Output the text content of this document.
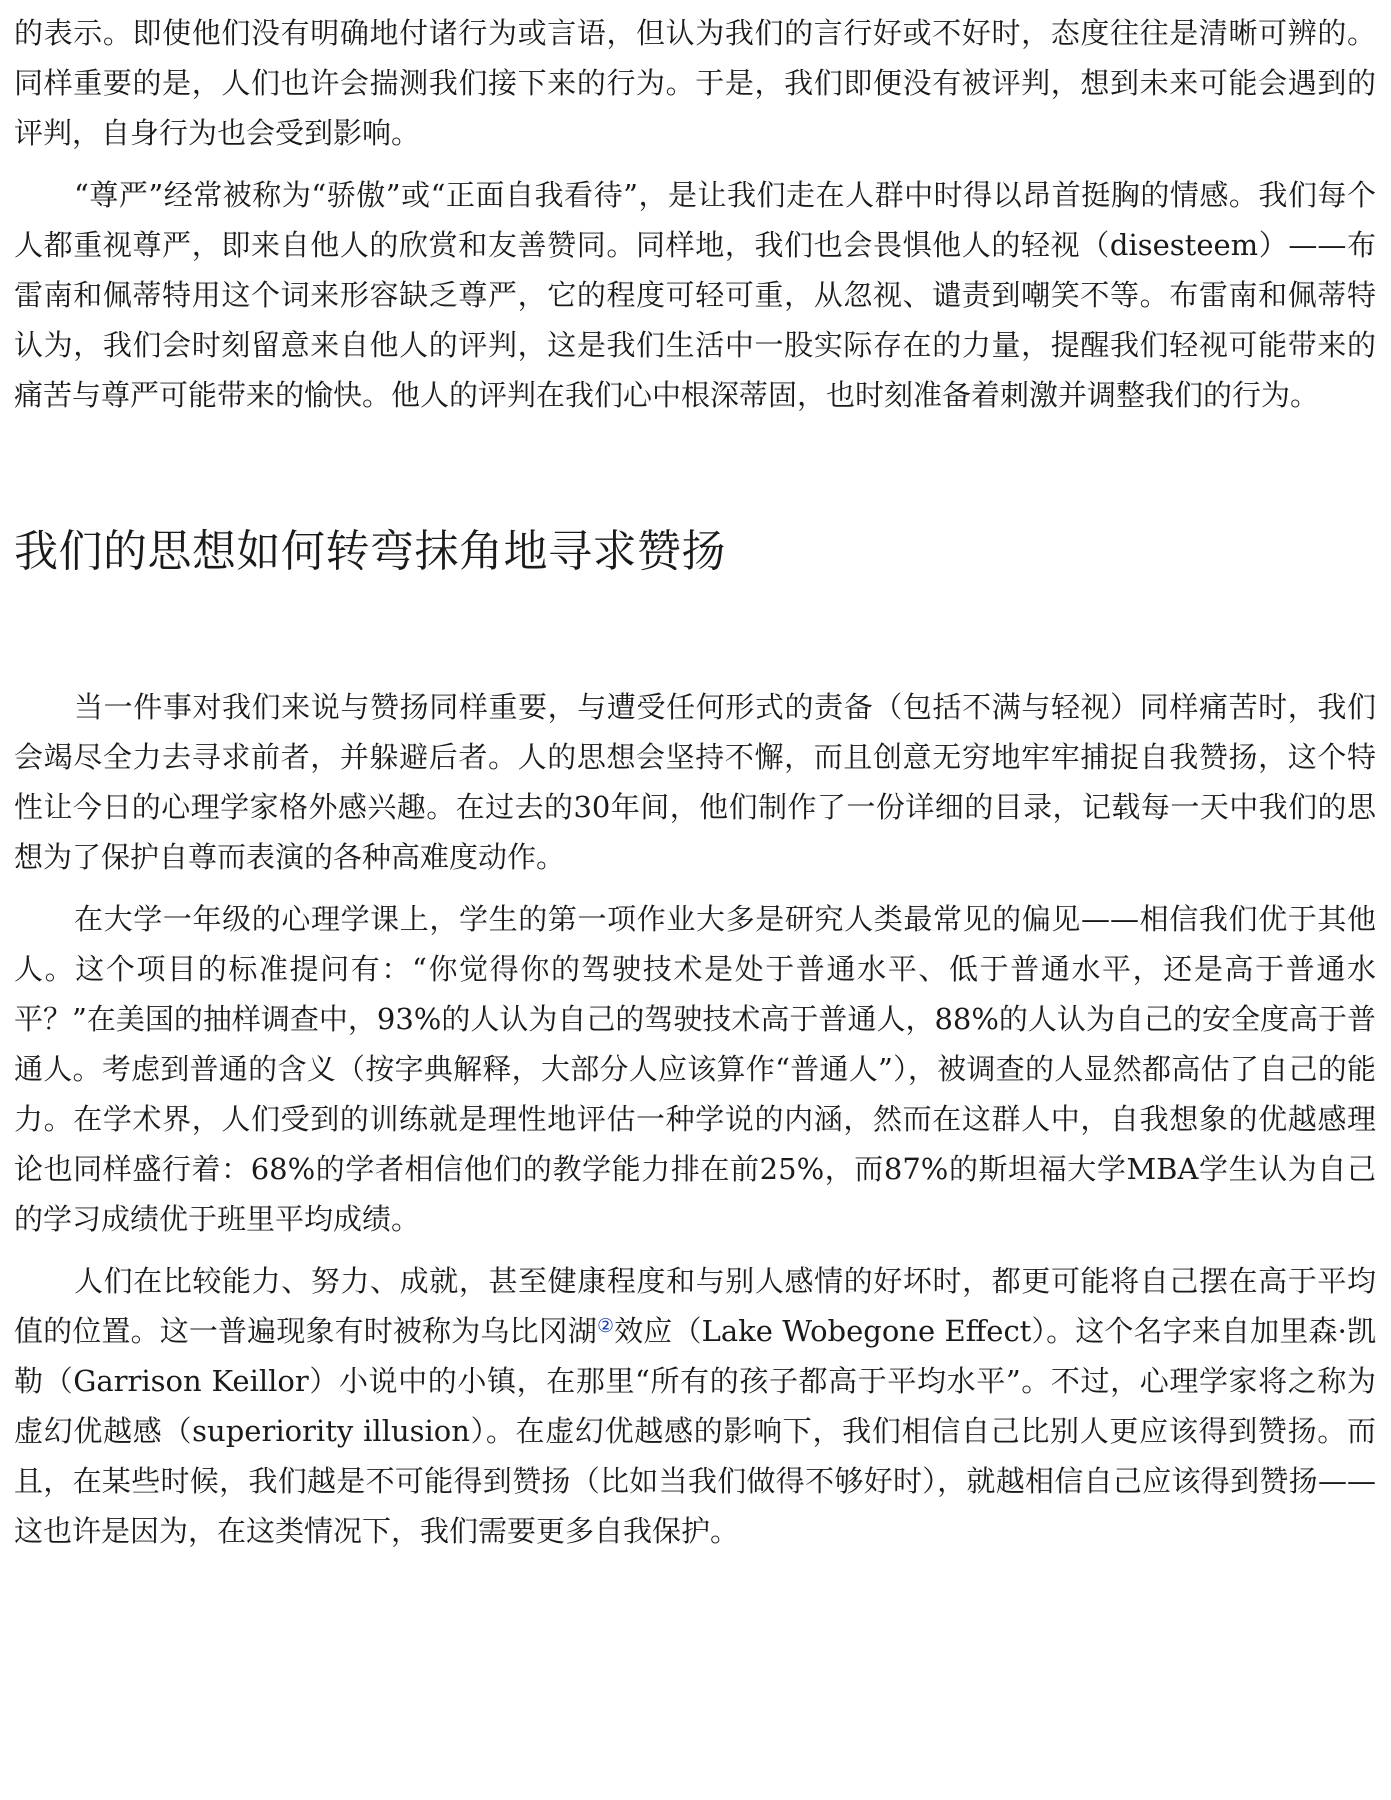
的表示。即使他们没有明确地付诸行为或言语，但认为我们的言行好或不好时，态度往往是清晰可辨的。同样重要的是，人们也许会揣测我们接下来的行为。于是，我们即便没有被评判，想到未来可能会遇到的评判，自身行为也会受到影响。

“尊严”经常被称为“骄傲”或“正面自我看待”，是让我们走在人群中时得以昂首挺胸的情感。我们每个人都重视尊严，即来自他人的欣赏和友善赞同。同样地，我们也会畏惧他人的轻视（disesteem）——布雷南和佩蒂特用这个词来形容缺乏尊严，它的程度可轻可重，从忽视、谴责到嘲笑不等。布雷南和佩蒂特认为，我们会时刻留意来自他人的评判，这是我们生活中一股实际存在的力量，提醒我们轻视可能带来的痛苦与尊严可能带来的愉快。他人的评判在我们心中根深蒂固，也时刻准备着刺激并调整我们的行为。

我们的思想如何转弯抹角地寻求赞扬

当一件事对我们来说与赞扬同样重要，与遭受任何形式的责备（包括不满与轻视）同样痛苦时，我们会竭尽全力去寻求前者，并躲避后者。人的思想会坚持不懈，而且创意无穷地牢牢捕捉自我赞扬，这个特性让今日的心理学家格外感兴趣。在过去的30年间，他们制作了一份详细的目录，记载每一天中我们的思想为了保护自尊而表演的各种高难度动作。

在大学一年级的心理学课上，学生的第一项作业大多是研究人类最常见的偏见——相信我们优于其他人。这个项目的标准提问有：“你觉得你的驾驶技术是处于普通水平、低于普通水平，还是高于普通水平？”在美国的抽样调查中，93%的人认为自己的驾驶技术高于普通人，88%的人认为自己的安全度高于普通人。考虑到普通的含义（按字典解释，大部分人应该算作“普通人”），被调查的人显然都高估了自己的能力。在学术界，人们受到的训练就是理性地评估一种学说的内涵，然而在这群人中，自我想象的优越感理论也同样盛行着：68%的学者相信他们的教学能力排在前25%，而87%的斯坦福大学MBA学生认为自己的学习成绩优于班里平均成绩。

人们在比较能力、努力、成就，甚至健康程度和与别人感情的好坏时，都更可能将自己摆在高于平均值的位置。这一普遍现象有时被称为乌比冈湖②效应（Lake Wobegone Effect）。这个名字来自加里森·凯勒（Garrison Keillor）小说中的小镇，在那里“所有的孩子都高于平均水平”。不过，心理学家将之称为虚幻优越感（superiority illusion）。在虚幻优越感的影响下，我们相信自己比别人更应该得到赞扬。而且，在某些时候，我们越是不可能得到赞扬（比如当我们做得不够好时），就越相信自己应该得到赞扬——这也许是因为，在这类情况下，我们需要更多自我保护。
